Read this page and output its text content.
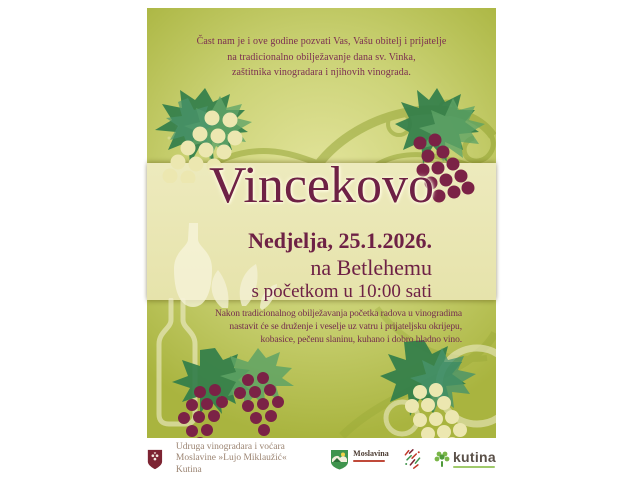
Čast nam je i ove godine pozvati Vas, Vašu obitelj i prijatelje
na tradicionalno obilježavanje dana sv. Vinka,
zaštitnika vinogradara i njihovih vinograda.
Vincekovo
Nedjelja, 25.1.2026.
na Betlehemu
s početkom u 10:00 sati
Nakon tradicionalnog obilježavanja početka radova u vinogradima
nastavit će se druženje i veselje uz vatru i prijateljsku okrijepu,
kobasice, pečenu slaninu, kuhano i dobro hladno vino.
Udruga vinogradara i voćara
Moslavine »Lujo Miklaužić« Kutina
Moslavina	kutina
